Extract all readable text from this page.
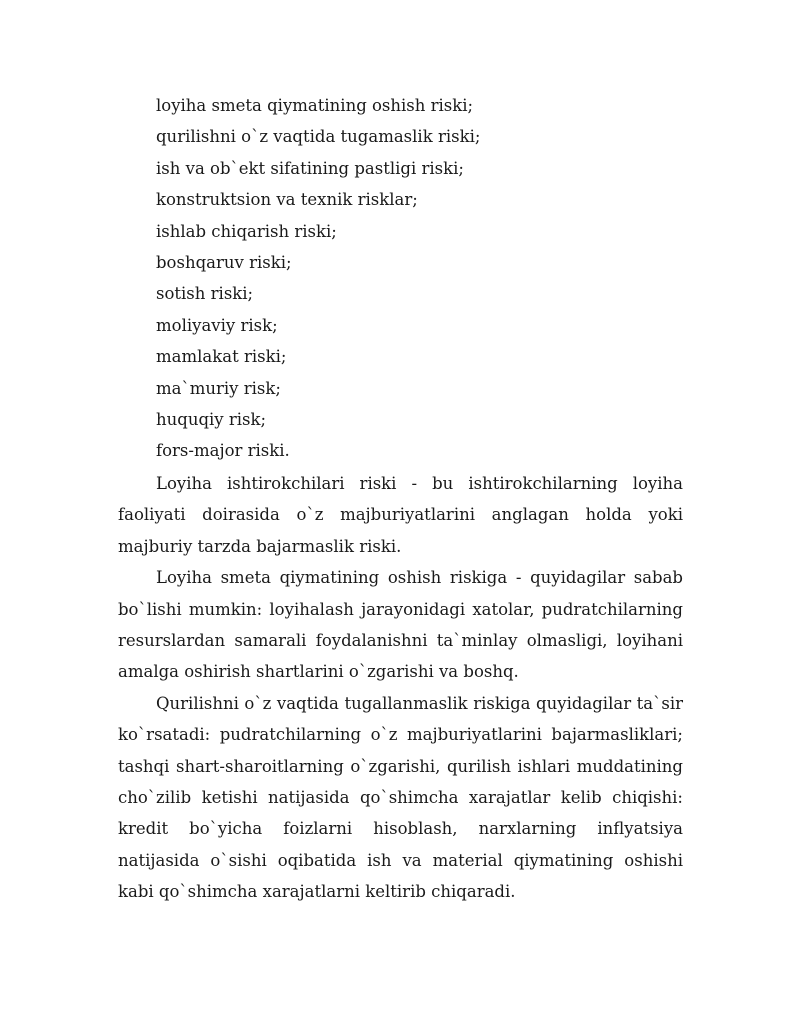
loyiha smeta qiymatining oshish riski;
qurilishni o`z vaqtida tugamaslik riski;
ish va ob`ekt sifatining pastligi riski;
konstruktsion va texnik risklar;
ishlab chiqarish riski;
boshqaruv riski;
sotish riski;
moliyaviy risk;
mamlakat riski;
ma`muriy risk;
huquqiy risk;
fors-major riski.

Loyiha ishtirokchilari riski - bu ishtirokchilarning loyiha faoliyati doirasida o`z majburiyatlarini anglagan holda yoki majburiy tarzda bajarmaslik riski.

Loyiha smeta qiymatining oshish riskiga - quyidagilar sabab bo`lishi mumkin: loyihalash jarayonidagi xatolar, pudratchilarning resurslardan samarali foydalanishni ta`minlay olmasligi, loyihani amalga oshirish shartlarini o`zgarishi va boshq.

Qurilishni o`z vaqtida tugallanmaslik riskiga quyidagilar ta`sir ko`rsatadi: pudratchilarning o`z majburiyatlarini bajarmasliklari; tashqi shart-sharoitlarning o`zgarishi, qurilish ishlari muddatining cho`zilib ketishi natijasida qo`shimcha xarajatlar kelib chiqishi: kredit bo`yicha foizlarni hisoblash, narxlarning inflyatsiya natijasida o`sishi oqibatida ish va material qiymatining oshishi kabi qo`shimcha xarajatlarni keltirib chiqaradi.
